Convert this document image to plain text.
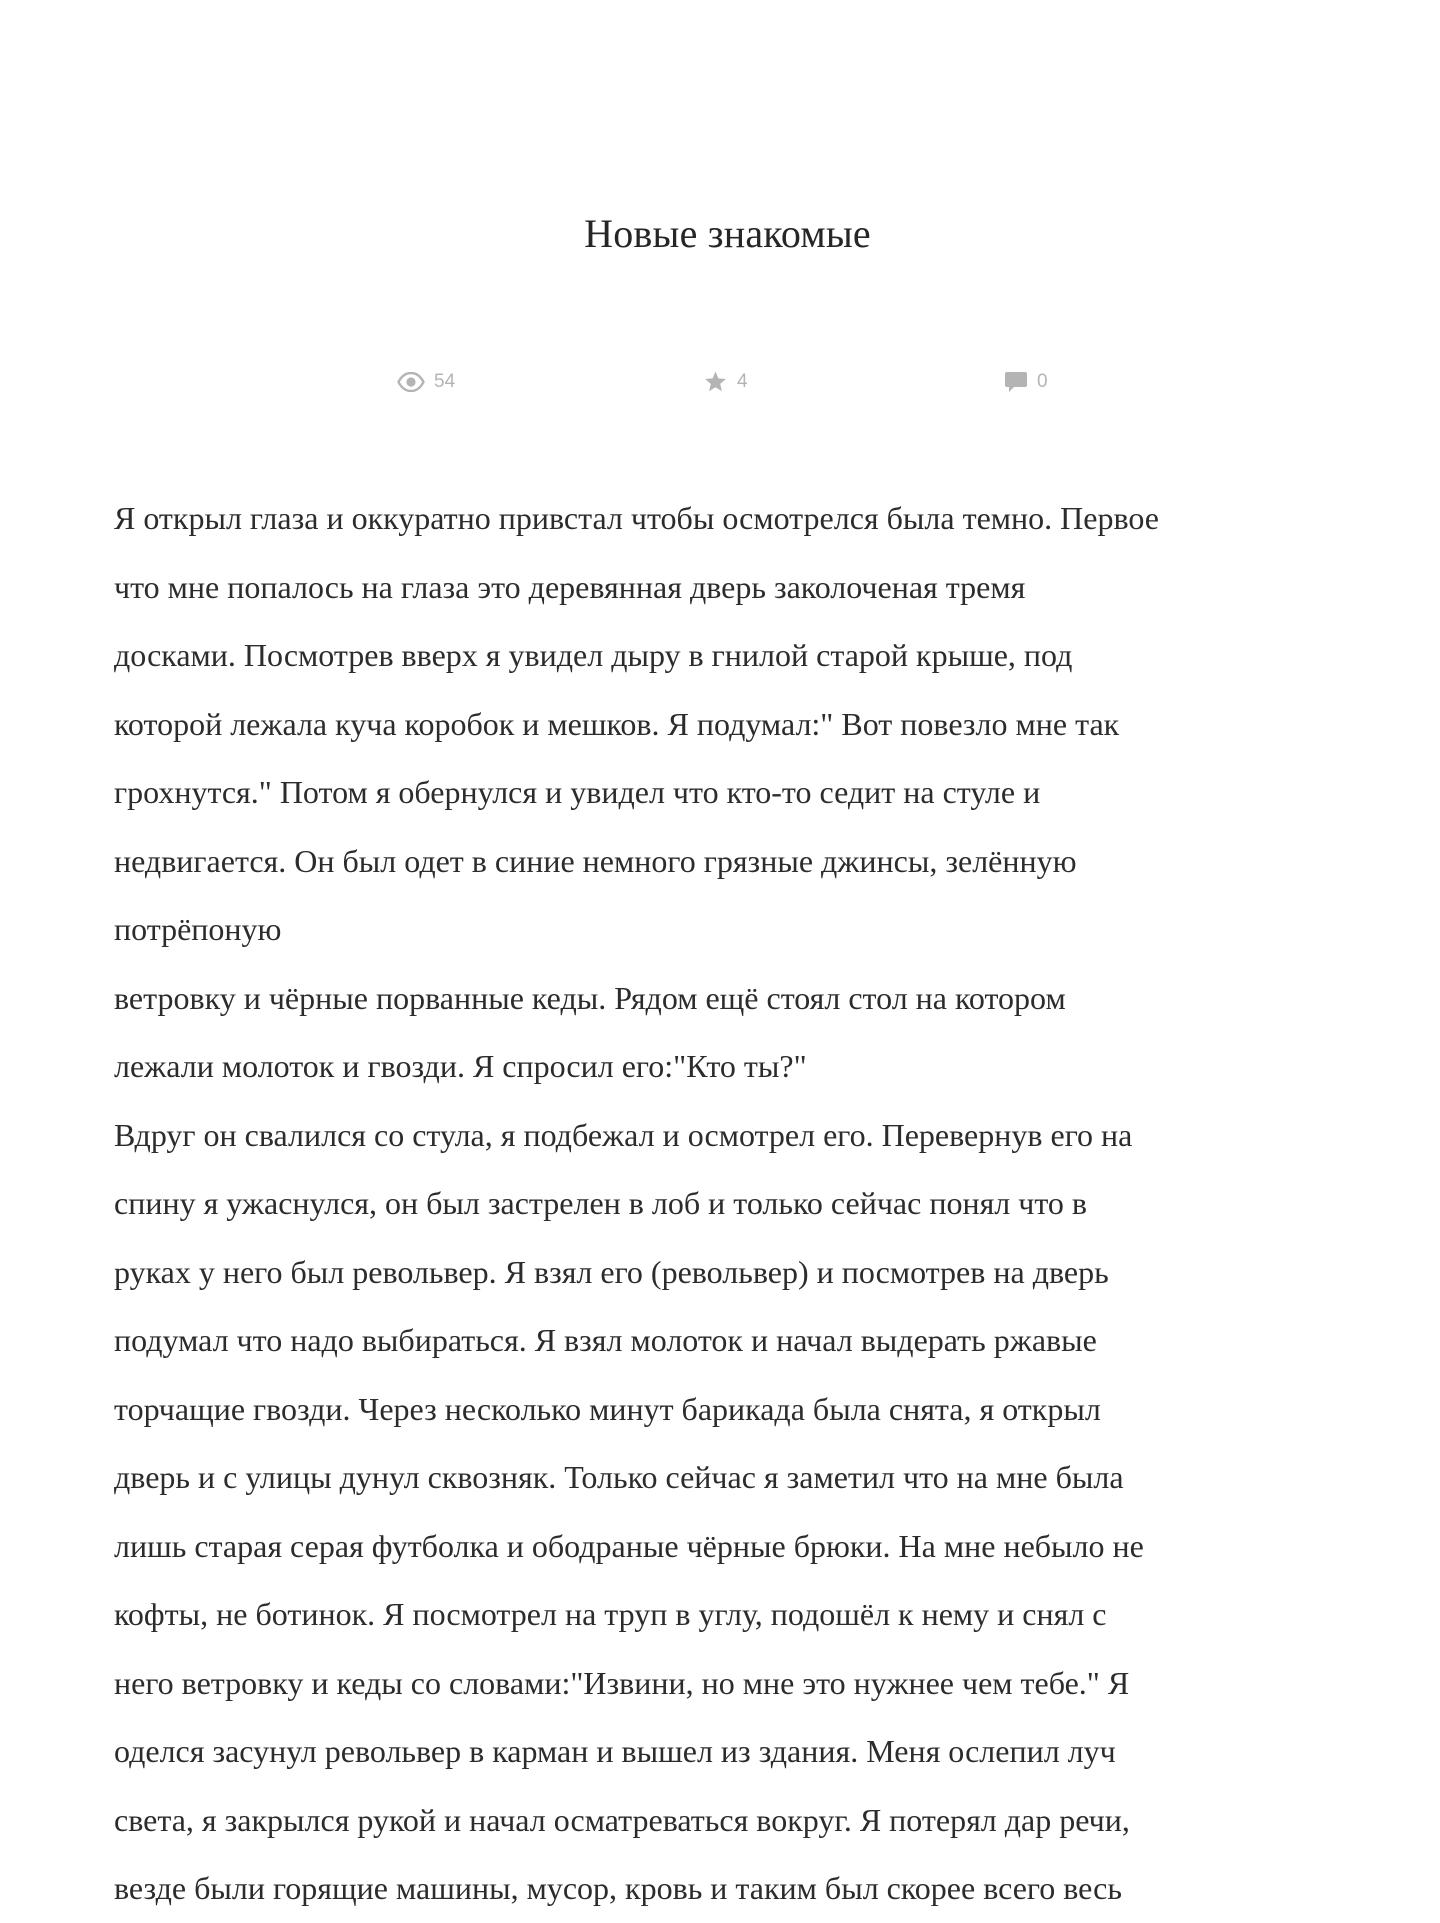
Новые знакомые
54	4	0
Я открыл глаза и оккуратно привстал чтобы осмотрелся была темно. Первое
что мне попалось на глаза это деревянная дверь заколоченая тремя
досками. Посмотрев вверх я увидел дыру в гнилой старой крыше, под
которой лежала куча коробок и мешков. Я подумал:" Вот повезло мне так
грохнутся." Потом я обернулся и увидел что кто-то седит на стуле и
недвигается. Он был одет в синие немного грязные джинсы, зелённую
потрёпоную
ветровку и чёрные порванные кеды. Рядом ещё стоял стол на котором
лежали молоток и гвозди. Я спросил его:"Кто ты?"
Вдруг он свалился со стула, я подбежал и осмотрел его. Перевернув его на
спину я ужаснулся, он был застрелен в лоб и только сейчас понял что в
руках у него был револьвер. Я взял его (револьвер) и посмотрев на дверь
подумал что надо выбираться. Я взял молоток и начал выдерать ржавые
торчащие гвозди. Через несколько минут барикада была снята, я открыл
дверь и с улицы дунул сквозняк. Только сейчас я заметил что на мне была
лишь старая серая футболка и ободраные чёрные брюки. На мне небыло не
кофты, не ботинок. Я посмотрел на труп в углу, подошёл к нему и снял с
него ветровку и кеды со словами:"Извини, но мне это нужнее чем тебе." Я
оделся засунул револьвер в карман и вышел из здания. Меня ослепил луч
света, я закрылся рукой и начал осматреваться вокруг. Я потерял дар речи,
везде были горящие машины, мусор, кровь и таким был скорее всего весь
